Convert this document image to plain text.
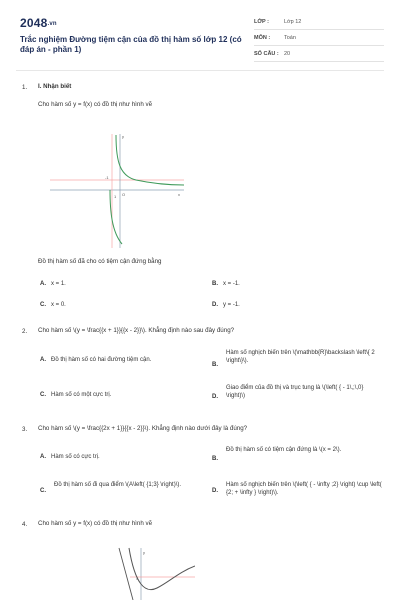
2048.vn
Trắc nghiệm Đường tiệm cận của đồ thị hàm số lớp 12 (có đáp án - phần 1)
LỚP :	Lớp 12
MÔN :	Toán
SỐ CÂU : 20
1. I. Nhận biết
Cho hàm số y = f(x) có đồ thị như hình vẽ
-1
O
1
y
x
Đồ thị hàm số đã cho có tiệm cận đứng bằng
A. x = 1.	B. x = -1.
C. x = 0.	D. y = -1.
2. Cho hàm số \(y = \frac{{x + 1}}{{x - 2}}\). Khẳng định nào sau đây đúng?
A. Đồ thị hàm số có hai đường tiệm cận.
B.
Hàm số nghịch biến trên \(\mathbb{R}\backslash \left\{ 2 \right\}\).
C. Hàm số có một cực trị.	D.
Giao điểm của đồ thị và trục tung là \(\left( { - 1\,;\,0} \right)\)
3. Cho hàm số \(y = \frac{{2x + 1}}{{x - 2}}\). Khẳng định nào dưới đây là đúng?
A. Hàm số có cực trị.	B.
Đồ thị hàm số có tiệm cận đứng là \(x = 2\).
C.
Đồ thị hàm số đi qua điểm \(A\left( {1;3} \right)\).
D.
Hàm số nghịch biến trên \(\left( { - \infty ;2} \right) \cup \left( {2; + \infty } \right)\).
4. Cho hàm số y = f(x) có đồ thị như hình vẽ
y
4
